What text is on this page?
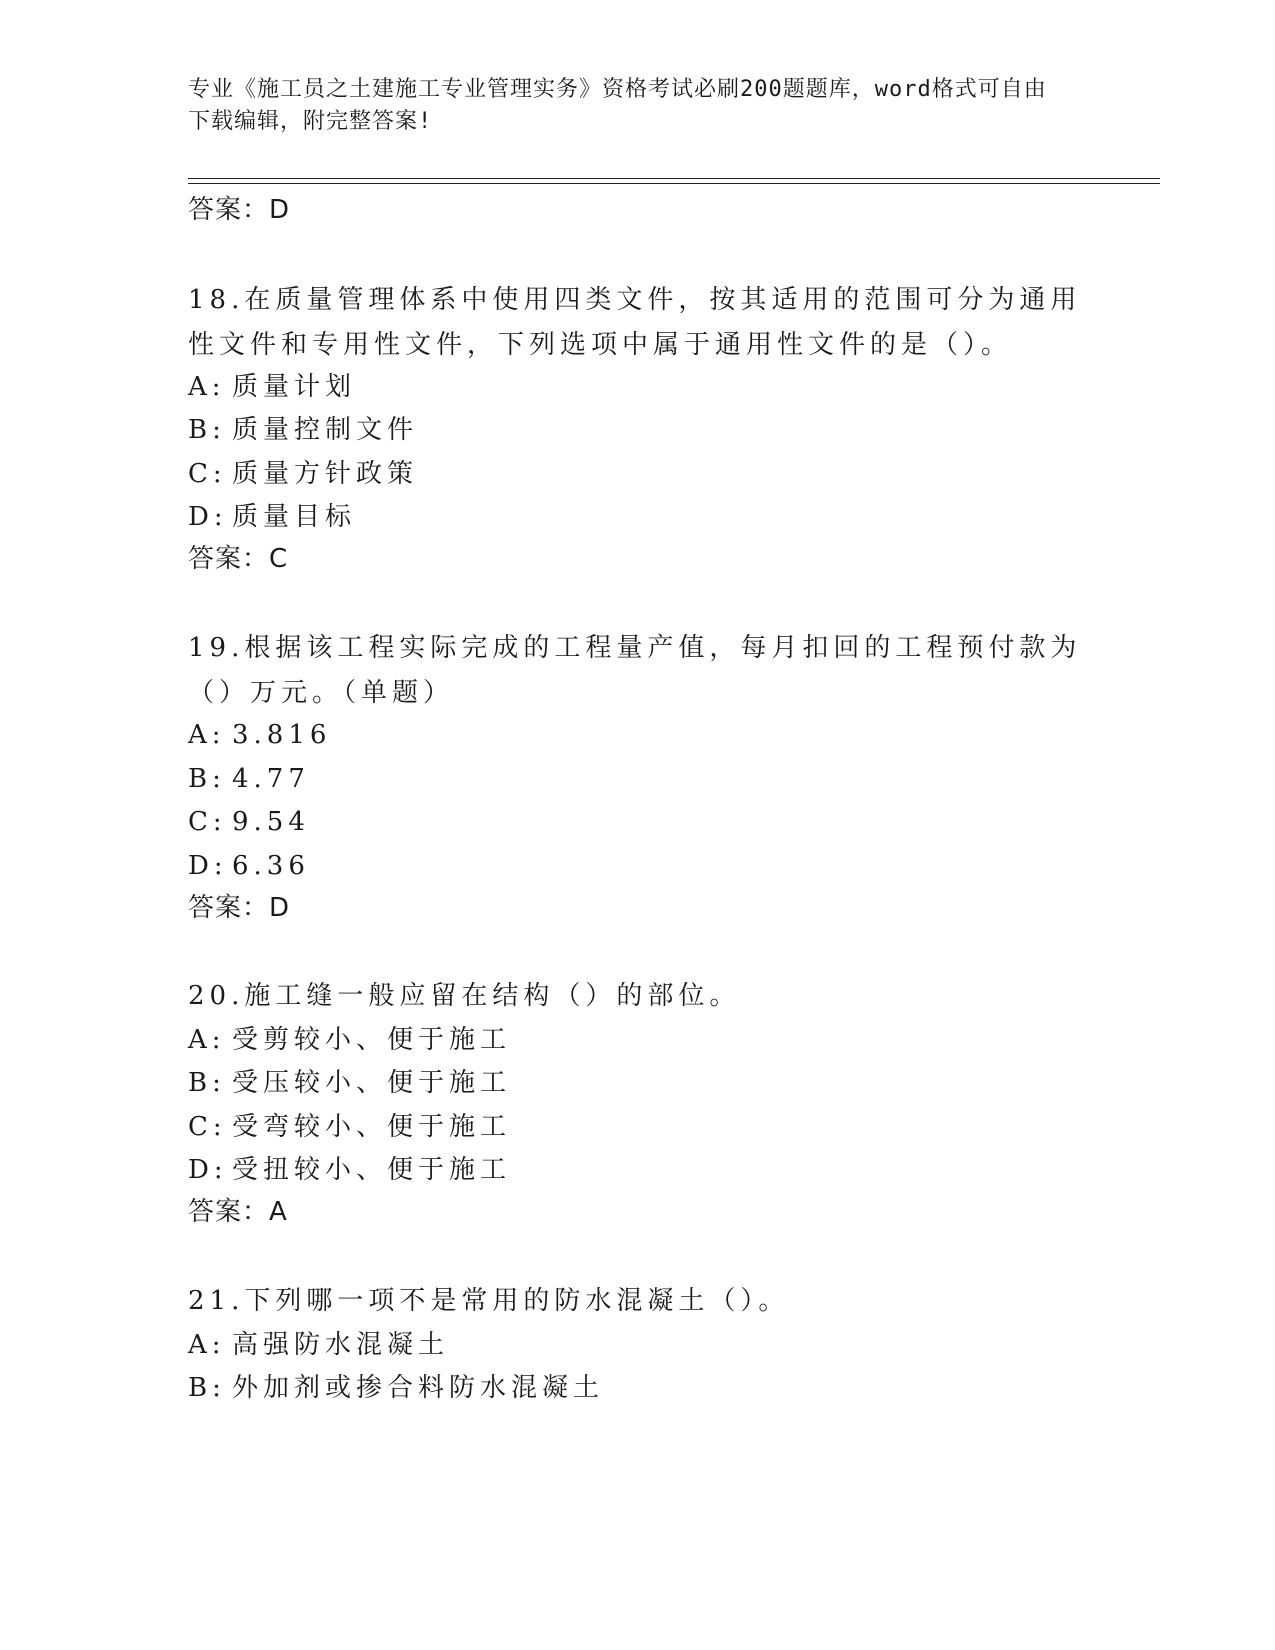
专业《施工员之土建施工专业管理实务》资格考试必刷200题题库，word格式可自由下载编辑，附完整答案!
答案：D
18.在质量管理体系中使用四类文件，按其适用的范围可分为通用性文件和专用性文件，下列选项中属于通用性文件的是（）。
A: 质量计划
B: 质量控制文件
C: 质量方针政策
D: 质量目标
答案：C
19.根据该工程实际完成的工程量产值，每月扣回的工程预付款为（）万元。（单题）
A: 3.816
B: 4.77
C: 9.54
D: 6.36
答案：D
20.施工缝一般应留在结构（）的部位。
A: 受剪较小、便于施工
B: 受压较小、便于施工
C: 受弯较小、便于施工
D: 受扭较小、便于施工
答案：A
21.下列哪一项不是常用的防水混凝土（）。
A: 高强防水混凝土
B: 外加剂或掺合料防水混凝土
